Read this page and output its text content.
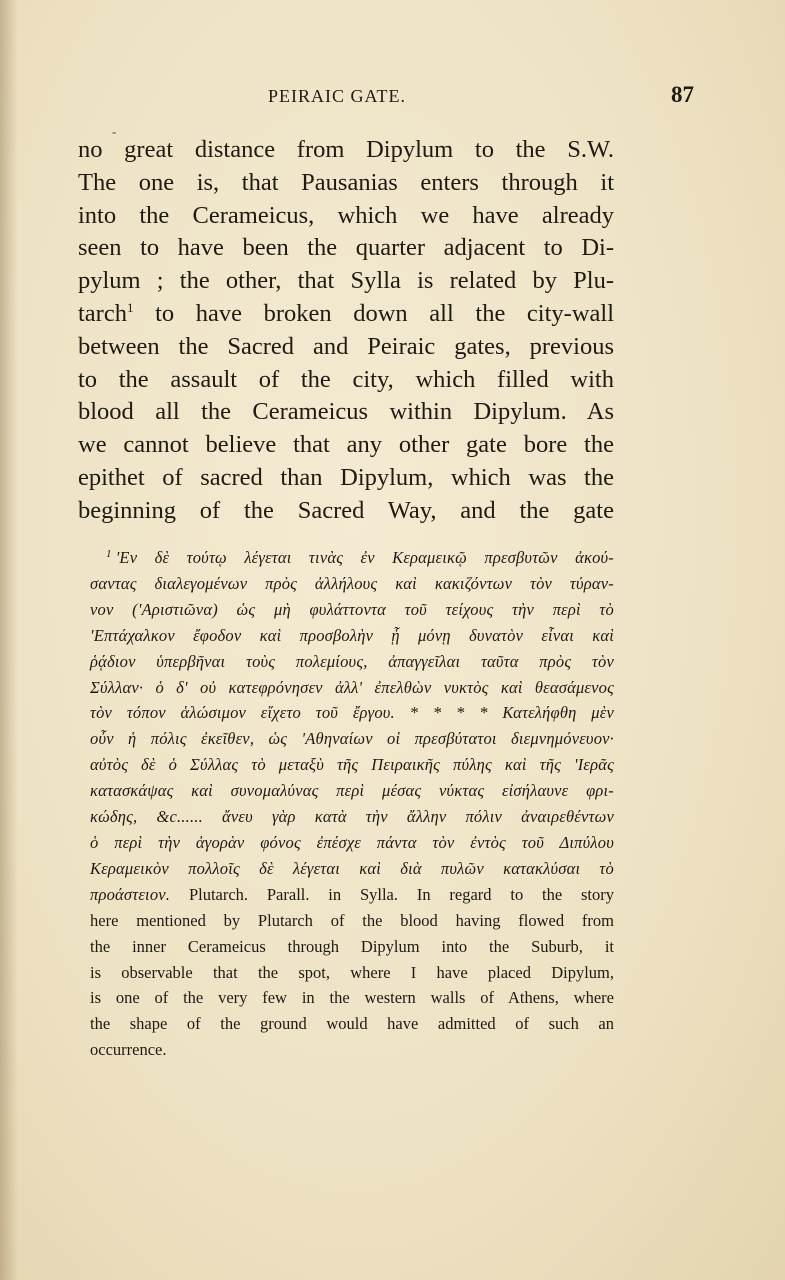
PEIRAIC GATE.	87
-
no great distance from Dipylum to the S.W.
The one is, that Pausanias enters through it
into the Cerameicus, which we have already
seen to have been the quarter adjacent to Di-
pylum ; the other, that Sylla is related by Plu-
tarch$^1$ to have broken down all the city-wall
between the Sacred and Peiraic gates, previous
to the assault of the city, which filled with
blood all the Cerameicus within Dipylum. As
we cannot believe that any other gate bore the
epithet of sacred than Dipylum, which was the
beginning of the Sacred Way, and the gate
$^1$ 'Εν δὲ τούτῳ λέγεται τινὰς ἐν Κεραμεικῷ πρεσβυτῶν ἀκού-
σαντας διαλεγομένων πρὸς ἀλλήλους καὶ κακιζόντων τὸν τύραν-
νον ('Αριστιῶνα) ὡς μὴ φυλάττοντα τοῦ τείχους τὴν περὶ τὸ
'Επτάχαλκον ἔφοδον καὶ προσβολὴν ᾗ μόνῃ δυνατὸν εἶναι καὶ
ῥᾴδιον ὑπερβῆναι τοὺς πολεμίους, ἀπαγγεῖλαι ταῦτα πρὸς τὸν
Σύλλαν· ὁ δ' οὐ κατεφρόνησεν ἀλλ' ἐπελθὼν νυκτὸς καὶ θεασάμενος
τὸν τόπον ἁλώσιμον εἴχετο τοῦ ἔργου. * * * * Κατελήφθη μὲν
οὖν ἡ πόλις ἐκεῖθεν, ὡς 'Αθηναίων οἱ πρεσβύτατοι διεμνημόνευον·
αὐτὸς δὲ ὁ Σύλλας τὸ μεταξὺ τῆς Πειραικῆς πύλης καὶ τῆς 'Ιερᾶς
κατασκάψας καὶ συνομαλύνας περὶ μέσας νύκτας εἰσήλαυνε φρι-
κώδης, &c...... ἄνευ γὰρ κατὰ τὴν ἄλλην πόλιν ἀναιρεθέντων
ὁ περὶ τὴν ἀγορὰν φόνος ἐπέσχε πάντα τὸν ἐντὸς τοῦ Διπύλου
Κεραμεικὸν πολλοῖς δὲ λέγεται καὶ διὰ πυλῶν κατακλύσαι τὸ
προάστειον. Plutarch. Parall. in Sylla. In regard to the story
here mentioned by Plutarch of the blood having flowed from
the inner Cerameicus through Dipylum into the Suburb, it
is observable that the spot, where I have placed Dipylum,
is one of the very few in the western walls of Athens, where
the shape of the ground would have admitted of such an
occurrence.
